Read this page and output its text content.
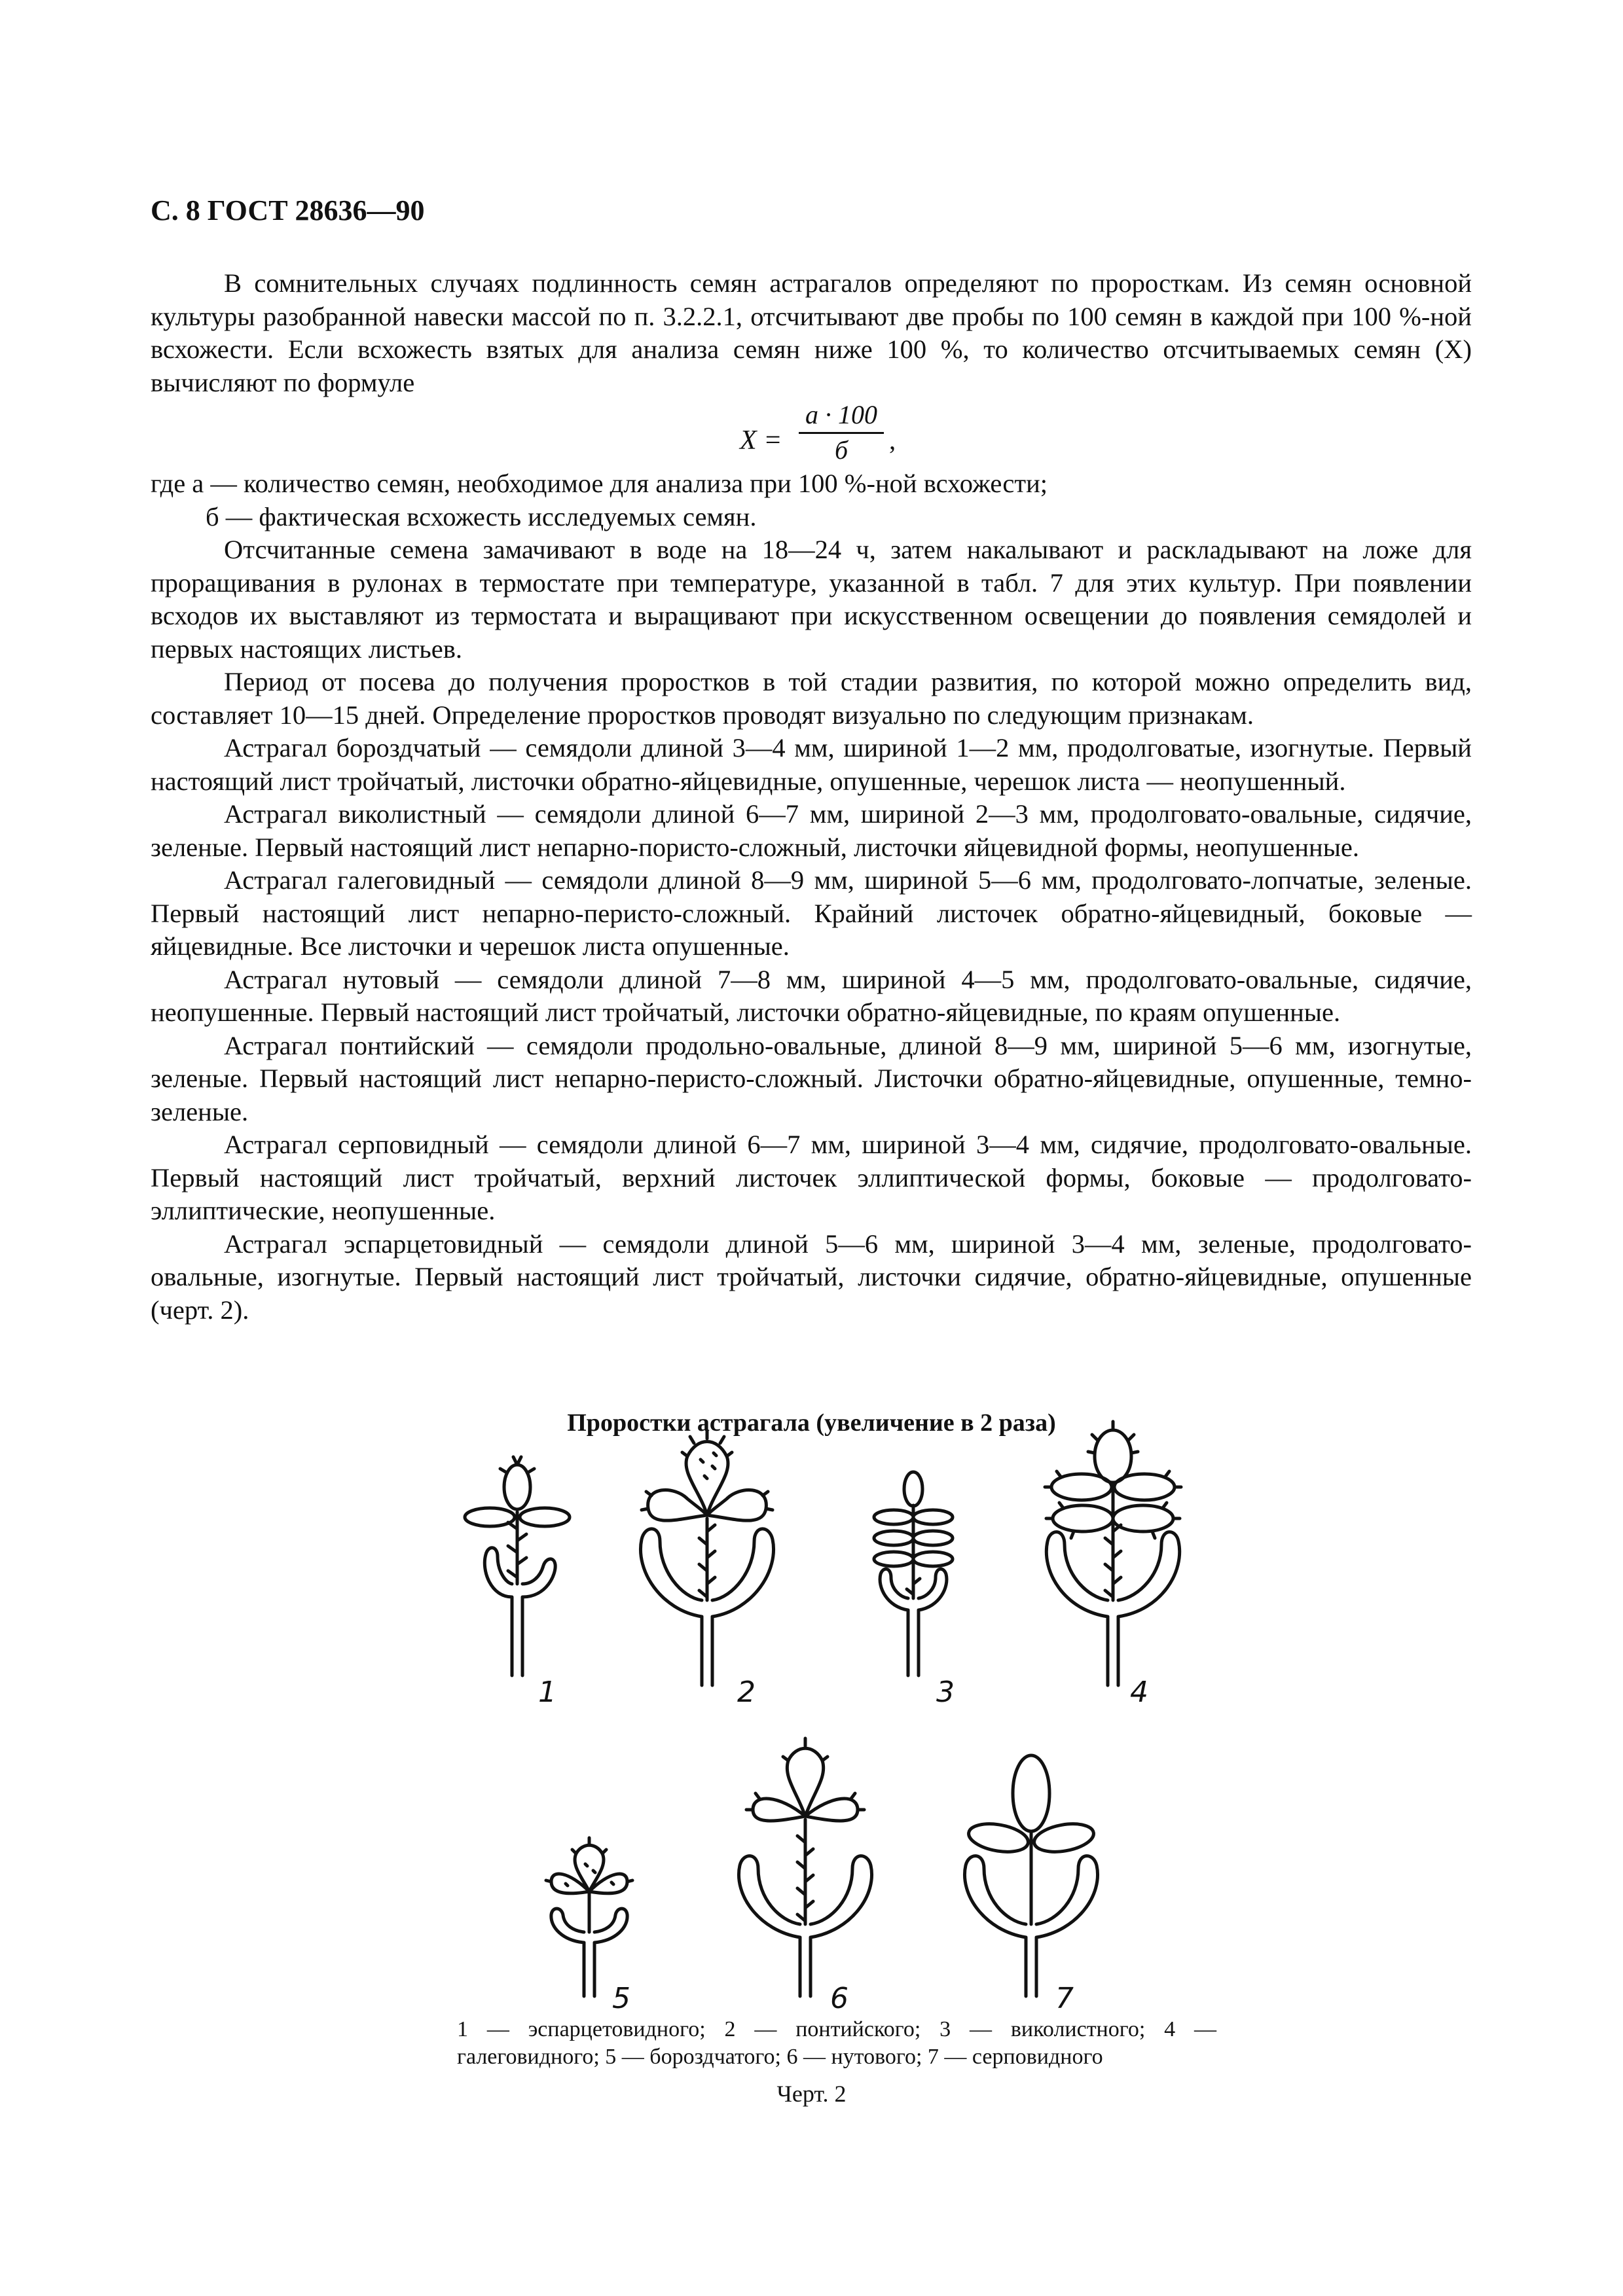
С. 8 ГОСТ 28636—90

В сомнительных случаях подлинность семян астрагалов определяют по проросткам. Из семян основной культуры разобранной навески массой по п. 3.2.2.1, отсчитывают две пробы по 100 семян в каждой при 100 %-ной всхожести. Если всхожесть взятых для анализа семян ниже 100 %, то количество отсчитываемых семян (X) вычисляют по формуле

X =
a · 100
б	,

где а — количество семян, необходимое для анализа при 100 %-ной всхожести;

б — фактическая всхожесть исследуемых семян.

Отсчитанные семена замачивают в воде на 18—24 ч, затем накалывают и раскладывают на ложе для проращивания в рулонах в термостате при температуре, указанной в табл. 7 для этих культур. При появлении всходов их выставляют из термостата и выращивают при искусственном освещении до появления семядолей и первых настоящих листьев.

Период от посева до получения проростков в той стадии развития, по которой можно определить вид, составляет 10—15 дней. Определение проростков проводят визуально по следующим признакам.

Астрагал бороздчатый — семядоли длиной 3—4 мм, шириной 1—2 мм, продолговатые, изогнутые. Первый настоящий лист тройчатый, листочки обратно-яйцевидные, опушенные, черешок листа — неопушенный.

Астрагал виколистный — семядоли длиной 6—7 мм, шириной 2—3 мм, продолговато-овальные, сидячие, зеленые. Первый настоящий лист непарно-пористо-сложный, листочки яйцевидной формы, неопушенные.

Астрагал галеговидный — семядоли длиной 8—9 мм, шириной 5—6 мм, продолговато-лопчатые, зеленые. Первый настоящий лист непарно-перисто-сложный. Крайний листочек обратно-яйцевидный, боковые — яйцевидные. Все листочки и черешок листа опушенные.

Астрагал нутовый — семядоли длиной 7—8 мм, шириной 4—5 мм, продолговато-овальные, сидячие, неопушенные. Первый настоящий лист тройчатый, листочки обратно-яйцевидные, по краям опушенные.

Астрагал понтийский — семядоли продольно-овальные, длиной 8—9 мм, шириной 5—6 мм, изогнутые, зеленые. Первый настоящий лист непарно-перисто-сложный. Листочки обратно-яйцевидные, опушенные, темно-зеленые.

Астрагал серповидный — семядоли длиной 6—7 мм, шириной 3—4 мм, сидячие, продолговато-овальные. Первый настоящий лист тройчатый, верхний листочек эллиптической формы, боковые — продолговато-эллиптические, неопушенные.

Астрагал эспарцетовидный — семядоли длиной 5—6 мм, шириной 3—4 мм, зеленые, продолговато-овальные, изогнутые. Первый настоящий лист тройчатый, листочки сидячие, обратно-яйцевидные, опушенные (черт. 2).

Проростки астрагала (увеличение в 2 раза)
1	2	3	4
5	6	7
1 — эспарцетовидного; 2 — понтийского; 3 — виколистного; 4 — галеговидного; 5 — бороздчатого; 6 — нутового; 7 — серповидного
Черт. 2
